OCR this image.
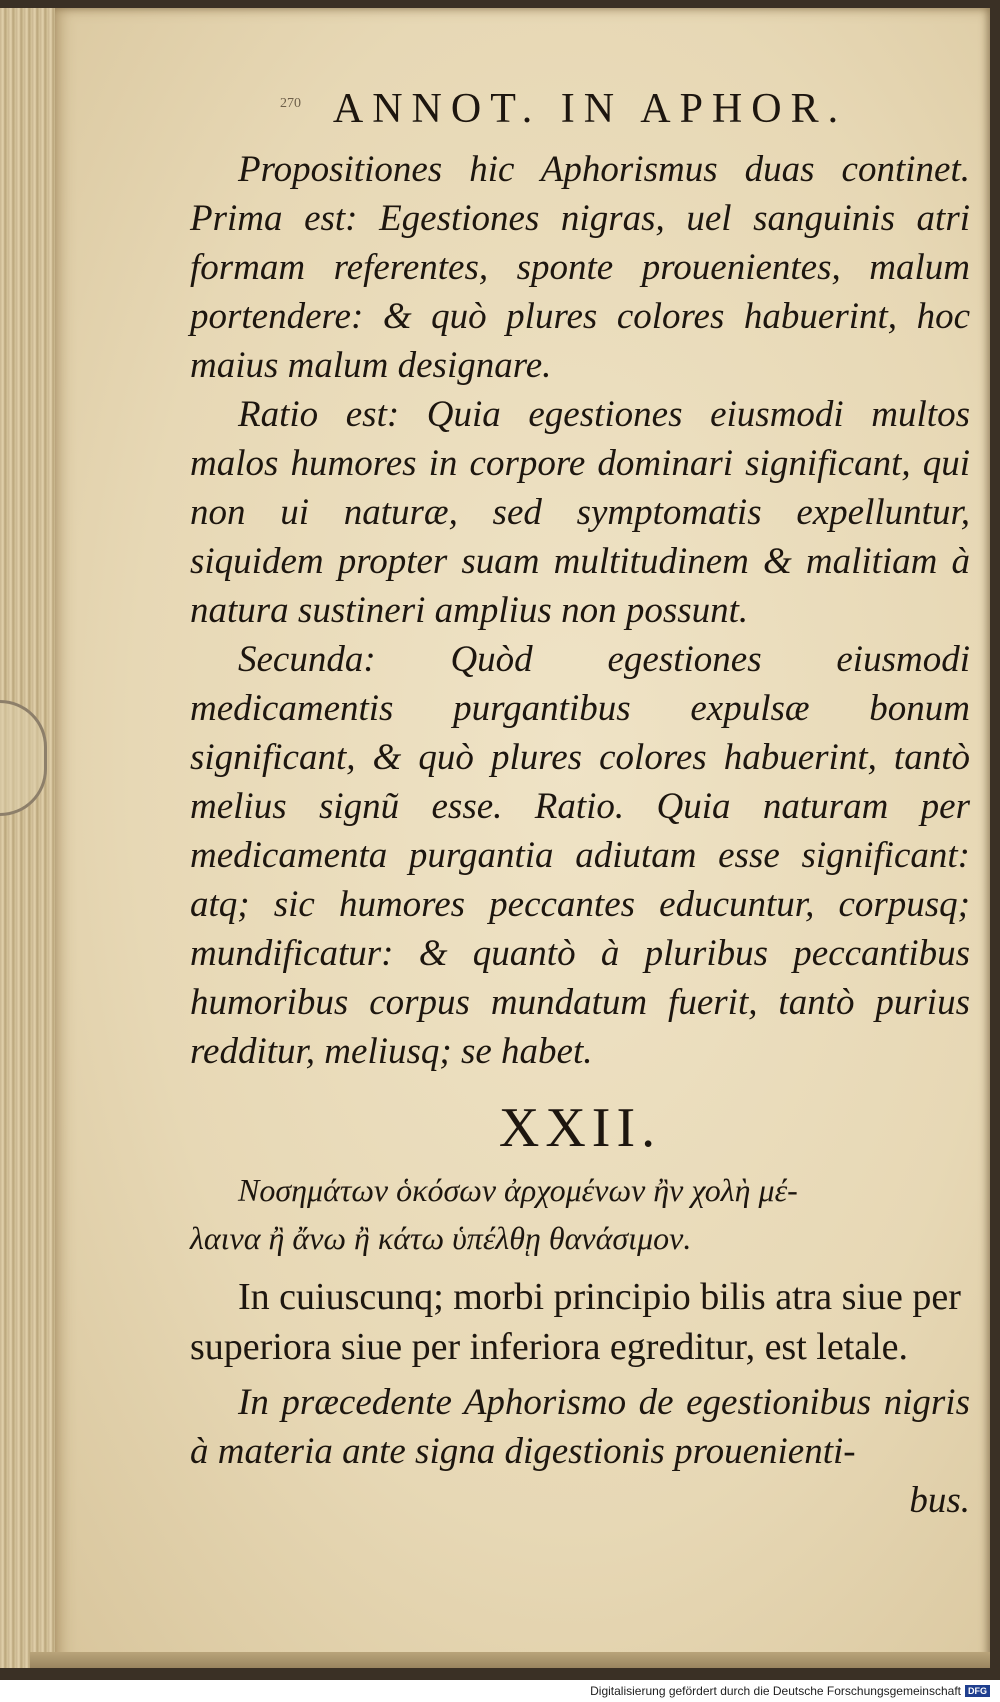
270 ANNOT. IN APHOR.

Propositiones hic Aphorismus duas continet. Prima est: Egestiones nigras, uel sanguinis atri formam referentes, sponte prouenientes, malum portendere: & quò plures colores habuerint, hoc maius malum designare.

Ratio est: Quia egestiones eiusmodi multos malos humores in corpore dominari significant, qui non ui naturæ, sed symptomatis expelluntur, siquidem propter suam multitudinem & malitiam à natura sustineri amplius non possunt.

Secunda: Quòd egestiones eiusmodi medicamentis purgantibus expulsæ bonum significant, & quò plures colores habuerint, tantò melius signũ esse. Ratio. Quia naturam per medicamenta purgantia adiutam esse significant: atq; sic humores peccantes educuntur, corpusq; mundificatur: & quantò à pluribus peccantibus humoribus corpus mundatum fuerit, tantò purius redditur, meliusq; se habet.

XXII.

Νοσημάτων ὁκόσων ἀρχομένων ἢν χολὴ μέ-

λαινα ἢ ἄνω ἢ κάτω ὑπέλθῃ θανάσιμον.

In cuiuscunq; morbi principio bilis atra siue per superiora siue per inferiora egreditur, est letale.

In præcedente Aphorismo de egestionibus nigris à materia ante signa digestionis prouenienti-

bus.

Digitalisierung gefördert durch die Deutsche Forschungsgemeinschaft DFG
